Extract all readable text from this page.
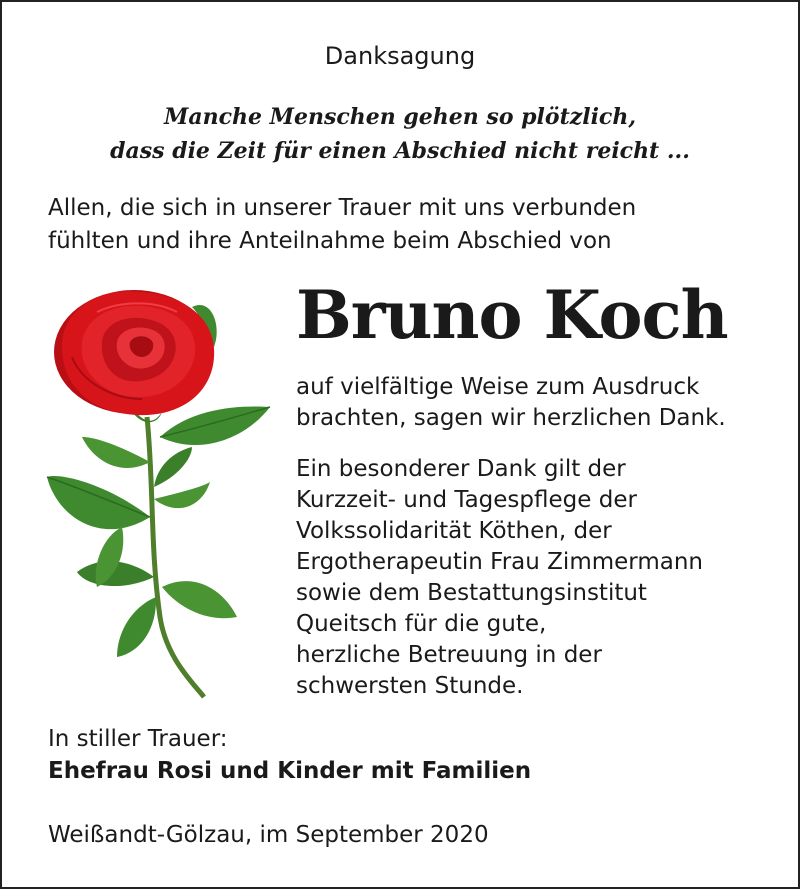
Danksagung

Manche Menschen gehen so plötzlich,
dass die Zeit für einen Abschied nicht reicht ...
Allen, die sich in unserer Trauer mit uns verbunden
fühlten und ihre Anteilnahme beim Abschied von

Bruno Koch

auf vielfältige Weise zum Ausdruck
brachten, sagen wir herzlichen Dank.
Ein besonderer Dank gilt der
Kurzzeit- und Tagespflege der
Volkssolidarität Köthen, der
Ergotherapeutin Frau Zimmermann
sowie dem Bestattungsinstitut
Queitsch für die gute,
herzliche Betreuung in der
schwersten Stunde.

In stiller Trauer:

Ehefrau Rosi und Kinder mit Familien

Weißandt-Gölzau, im September 2020
